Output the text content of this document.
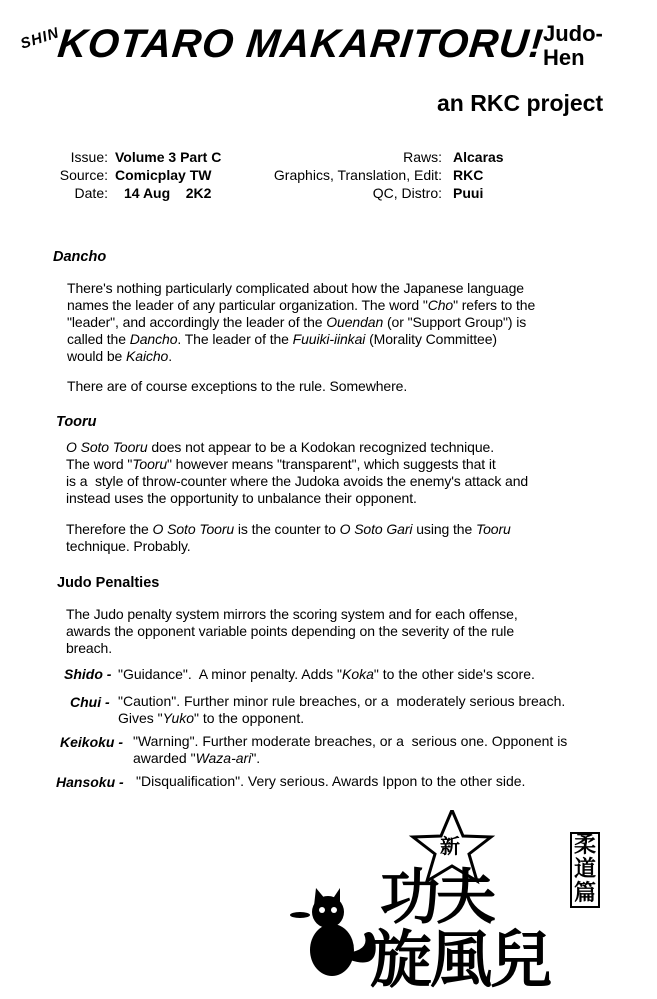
SHIN
KOTARO MAKARITORU!
Judo-
Hen
an RKC project
Issue: Volume 3 Part C
Source: Comicplay TW
Date: 14 Aug    2K2
Raws: Alcaras
Graphics, Translation, Edit: RKC
QC, Distro: Puui
Dancho
There's nothing particularly complicated about how the Japanese language
names the leader of any particular organization. The word "Cho" refers to the
"leader", and accordingly the leader of the Ouendan (or "Support Group") is
called the Dancho. The leader of the Fuuiki-iinkai (Morality Committee)
would be Kaicho.
There are of course exceptions to the rule. Somewhere.
Tooru
O Soto Tooru does not appear to be a Kodokan recognized technique.
The word "Tooru" however means "transparent", which suggests that it
is a  style of throw-counter where the Judoka avoids the enemy's attack and
instead uses the opportunity to unbalance their opponent.
Therefore the O Soto Tooru is the counter to O Soto Gari using the Tooru
technique. Probably.
Judo Penalties
The Judo penalty system mirrors the scoring system and for each offense,
awards the opponent variable points depending on the severity of the rule
breach.
Shido - "Guidance".  A minor penalty. Adds "Koka" to the other side's score.
Chui - "Caution". Further minor rule breaches, or a  moderately serious breach.
Gives "Yuko" to the opponent.
Keikoku - "Warning". Further moderate breaches, or a  serious one. Opponent is
awarded "Waza-ari".
Hansoku - "Disqualification". Very serious. Awards Ippon to the other side.
新
功夫
柔道篇
旋風兒
